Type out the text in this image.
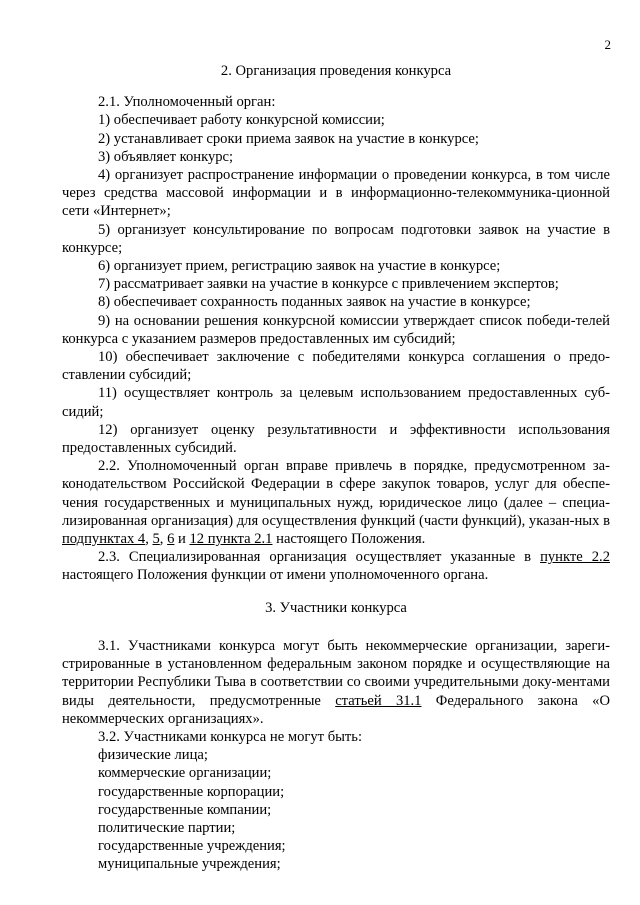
2

2. Организация проведения конкурса

2.1. Уполномоченный орган:

1) обеспечивает работу конкурсной комиссии;

2) устанавливает сроки приема заявок на участие в конкурсе;

3) объявляет конкурс;

4) организует распространение информации о проведении конкурса, в том числе через средства массовой информации и в информационно-телекоммуника-ционной сети «Интернет»;

5) организует консультирование по вопросам подготовки заявок на участие в конкурсе;

6) организует прием, регистрацию заявок на участие в конкурсе;

7) рассматривает заявки на участие в конкурсе с привлечением экспертов;

8) обеспечивает сохранность поданных заявок на участие в конкурсе;

9) на основании решения конкурсной комиссии утверждает список победи-телей конкурса с указанием размеров предоставленных им субсидий;

10) обеспечивает заключение с победителями конкурса соглашения о предо-ставлении субсидий;

11) осуществляет контроль за целевым использованием предоставленных суб-сидий;

12) организует оценку результативности и эффективности использования предоставленных субсидий.

2.2. Уполномоченный орган вправе привлечь в порядке, предусмотренном за-конодательством Российской Федерации в сфере закупок товаров, услуг для обеспе-чения государственных и муниципальных нужд, юридическое лицо (далее – специа-лизированная организация) для осуществления функций (части функций), указан-ных в подпунктах 4, 5, 6 и 12 пункта 2.1 настоящего Положения.

2.3. Специализированная организация осуществляет указанные в пункте 2.2 настоящего Положения функции от имени уполномоченного органа.

3. Участники конкурса

3.1. Участниками конкурса могут быть некоммерческие организации, зареги-стрированные в установленном федеральным законом порядке и осуществляющие на территории Республики Тыва в соответствии со своими учредительными доку-ментами виды деятельности, предусмотренные статьей 31.1 Федерального закона «О некоммерческих организациях».

3.2. Участниками конкурса не могут быть:

физические лица;

коммерческие организации;

государственные корпорации;

государственные компании;

политические партии;

государственные учреждения;

муниципальные учреждения;
